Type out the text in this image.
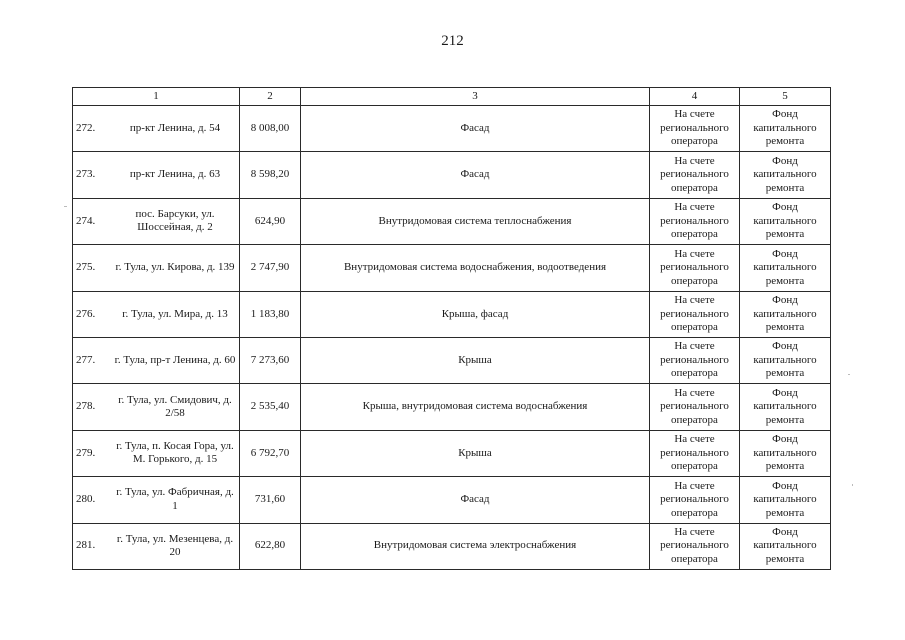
212
1	2	3	4	5

272. пр-кт Ленина, д. 54	8 008,00	Фасад	На счете регионального оператора	Фонд капитального ремонта

273. пр-кт Ленина, д. 63	8 598,20	Фасад	На счете регионального оператора	Фонд капитального ремонта

274.
пос. Барсуки, ул. Шоссейная, д. 2	624,90	Внутридомовая система теплоснабжения	На счете регионального оператора	Фонд капитального ремонта

275. г. Тула, ул. Кирова, д. 139	2 747,90	Внутридомовая система водоснабжения, водоотведения	На счете регионального оператора	Фонд капитального ремонта

276. г. Тула, ул. Мира, д. 13	1 183,80	Крыша, фасад	На счете регионального оператора	Фонд капитального ремонта

277. г. Тула, пр-т Ленина, д. 60	7 273,60	Крыша	На счете регионального оператора	Фонд капитального ремонта

278.
г. Тула, ул. Смидович, д. 2/58	2 535,40	Крыша, внутридомовая система водоснабжения	На счете регионального оператора	Фонд капитального ремонта

279.
г. Тула, п. Косая Гора, ул. М. Горького, д. 15	6 792,70	Крыша	На счете регионального оператора	Фонд капитального ремонта

280.
г. Тула, ул. Фабричная, д. 1	731,60	Фасад	На счете регионального оператора	Фонд капитального ремонта

281.
г. Тула, ул. Мезенцева, д. 20	622,80	Внутридомовая система электроснабжения	На счете регионального оператора	Фонд капитального ремонта
